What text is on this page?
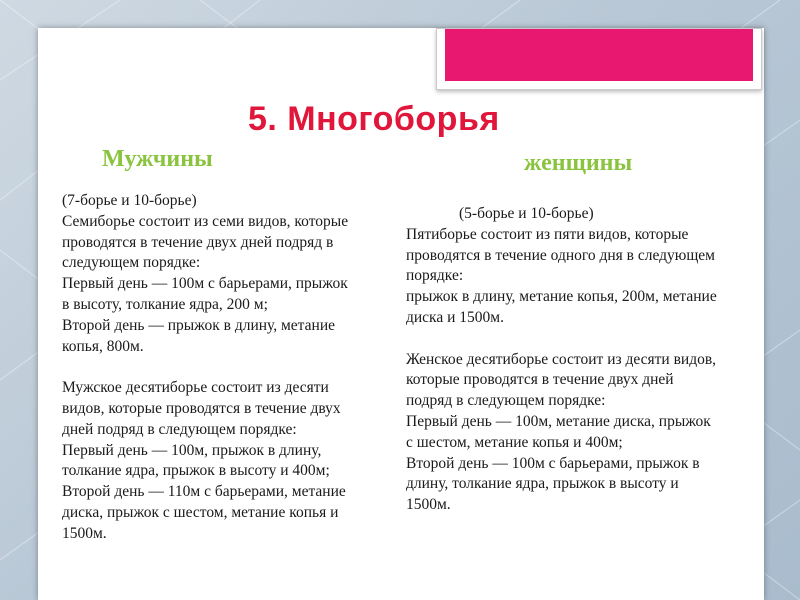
5. Многоборья
Мужчины	женщины
(7-борье и 10-борье)
Семиборье состоит из семи видов, которые
проводятся в течение двух дней подряд в
следующем порядке:
Первый день — 100м с барьерами, прыжок
в высоту, толкание ядра, 200 м;
Второй день — прыжок в длину, метание
копья, 800м.
Мужское десятиборье состоит из десяти
видов, которые проводятся в течение двух
дней подряд в следующем порядке:
Первый день — 100м, прыжок в длину,
толкание ядра, прыжок в высоту и 400м;
Второй день — 110м с барьерами, метание
диска, прыжок с шестом, метание копья и
1500м.
(5-борье и 10-борье)
Пятиборье состоит из пяти видов, которые
проводятся в течение одного дня в следующем
порядке:
прыжок в длину, метание копья, 200м, метание
диска и 1500м.
Женское десятиборье состоит из десяти видов,
которые проводятся в течение двух дней
подряд в следующем порядке:
Первый день — 100м, метание диска, прыжок
с шестом, метание копья и 400м;
Второй день — 100м с барьерами, прыжок в
длину, толкание ядра, прыжок в высоту и
1500м.
